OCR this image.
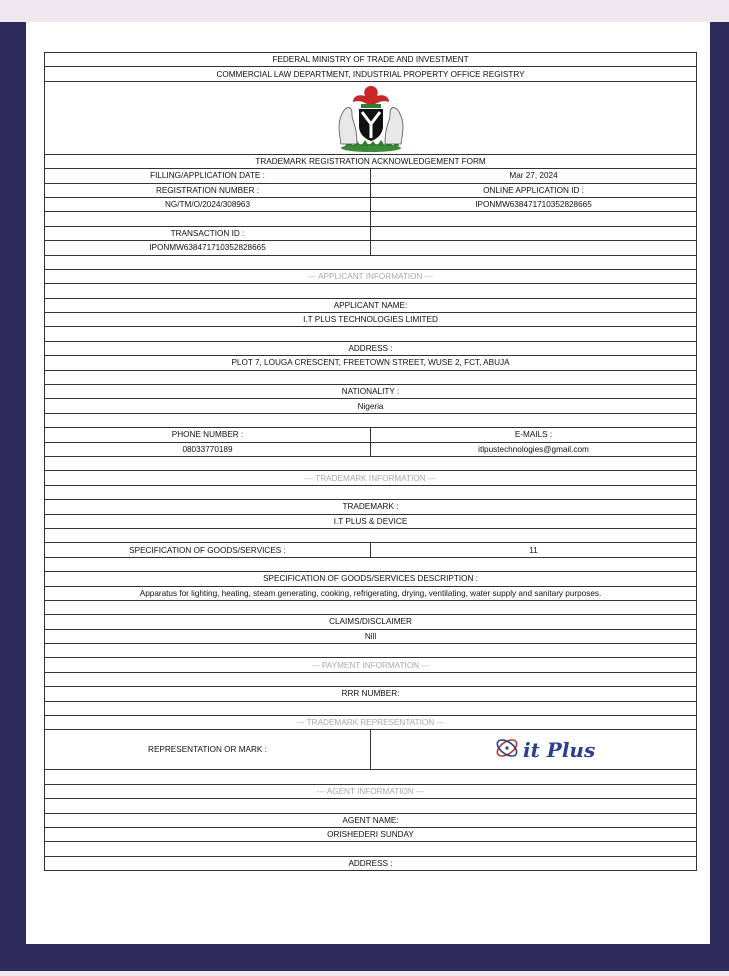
FEDERAL MINISTRY OF TRADE AND INVESTMENT	
COMMERCIAL LAW DEPARTMENT, INDUSTRIAL PROPERTY OFFICE REGISTRY	

TRADEMARK REGISTRATION ACKNOWLEDGEMENT FORM	
FILLING/APPLICATION DATE :	Mar 27, 2024
REGISTRATION NUMBER :	ONLINE APPLICATION ID :
NG/TM/O/2024/308963	IPONMW638471710352828665

TRANSACTION ID :	
IPONMW638471710352828665	

--- APPLICANT INFORMATION ---	

APPLICANT NAME:	
I.T PLUS TECHNOLOGIES LIMITED	

ADDRESS :	
PLOT 7, LOUGA CRESCENT, FREETOWN STREET, WUSE 2, FCT, ABUJA	

NATIONALITY :	
Nigeria	

PHONE NUMBER :	E-MAILS :
08033770189	itlpustechnologies@gmail.com

--- TRADEMARK INFORMATION ---	

TRADEMARK :	
I.T PLUS & DEVICE	

SPECIFICATION OF GOODS/SERVICES :	11

SPECIFICATION OF GOODS/SERVICES DESCRIPTION :	
Apparatus for lighting, heating, steam generating, cooking, refrigerating, drying, ventilating, water supply and sanitary purposes.	

CLAIMS/DISCLAIMER	
Nill	

--- PAYMENT INFORMATION ---	

RRR NUMBER:	

--- TRADEMARK REPRESENTATION ---	
REPRESENTATION OR MARK :	it Plus

--- AGENT INFORMATION ---	

AGENT NAME:	
ORISHEDERI SUNDAY	

ADDRESS :	
